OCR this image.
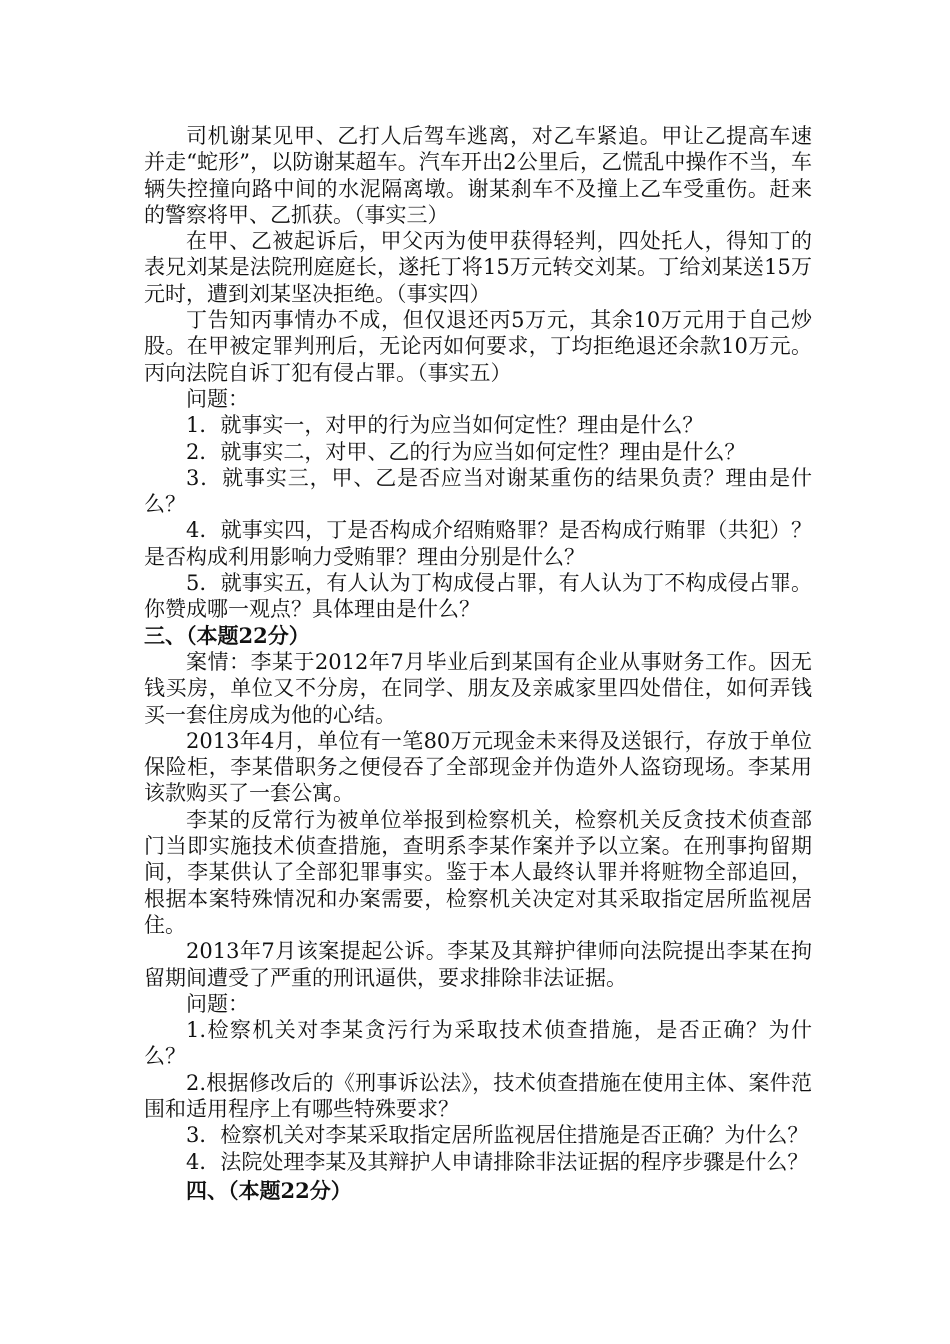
司机谢某见甲、乙打人后驾车逃离，对乙车紧追。甲让乙提高车速并走“蛇形”，以防谢某超车。汽车开出2公里后，乙慌乱中操作不当，车辆失控撞向路中间的水泥隔离墩。谢某刹车不及撞上乙车受重伤。赶来的警察将甲、乙抓获。（事实三）

在甲、乙被起诉后，甲父丙为使甲获得轻判，四处托人，得知丁的表兄刘某是法院刑庭庭长，遂托丁将15万元转交刘某。丁给刘某送15万元时，遭到刘某坚决拒绝。（事实四）

丁告知丙事情办不成，但仅退还丙5万元，其余10万元用于自己炒股。在甲被定罪判刑后，无论丙如何要求，丁均拒绝退还余款10万元。丙向法院自诉丁犯有侵占罪。（事实五）

问题：

1．就事实一，对甲的行为应当如何定性？理由是什么？

2．就事实二，对甲、乙的行为应当如何定性？理由是什么？

3．就事实三，甲、乙是否应当对谢某重伤的结果负责？理由是什么？

4．就事实四，丁是否构成介绍贿赂罪？是否构成行贿罪（共犯）？是否构成利用影响力受贿罪？理由分别是什么？

5．就事实五，有人认为丁构成侵占罪，有人认为丁不构成侵占罪。你赞成哪一观点？具体理由是什么？

三、（本题22分）

案情：李某于2012年7月毕业后到某国有企业从事财务工作。因无钱买房，单位又不分房，在同学、朋友及亲戚家里四处借住，如何弄钱买一套住房成为他的心结。

2013年4月，单位有一笔80万元现金未来得及送银行，存放于单位保险柜，李某借职务之便侵吞了全部现金并伪造外人盗窃现场。李某用该款购买了一套公寓。

李某的反常行为被单位举报到检察机关，检察机关反贪技术侦查部门当即实施技术侦查措施，查明系李某作案并予以立案。在刑事拘留期间，李某供认了全部犯罪事实。鉴于本人最终认罪并将赃物全部追回，根据本案特殊情况和办案需要，检察机关决定对其采取指定居所监视居住。

2013年7月该案提起公诉。李某及其辩护律师向法院提出李某在拘留期间遭受了严重的刑讯逼供，要求排除非法证据。

问题：

1.检察机关对李某贪污行为采取技术侦查措施，是否正确？为什么？

2.根据修改后的《刑事诉讼法》，技术侦查措施在使用主体、案件范围和适用程序上有哪些特殊要求？

3．检察机关对李某采取指定居所监视居住措施是否正确？为什么？

4．法院处理李某及其辩护人申请排除非法证据的程序步骤是什么？

四、（本题22分）
